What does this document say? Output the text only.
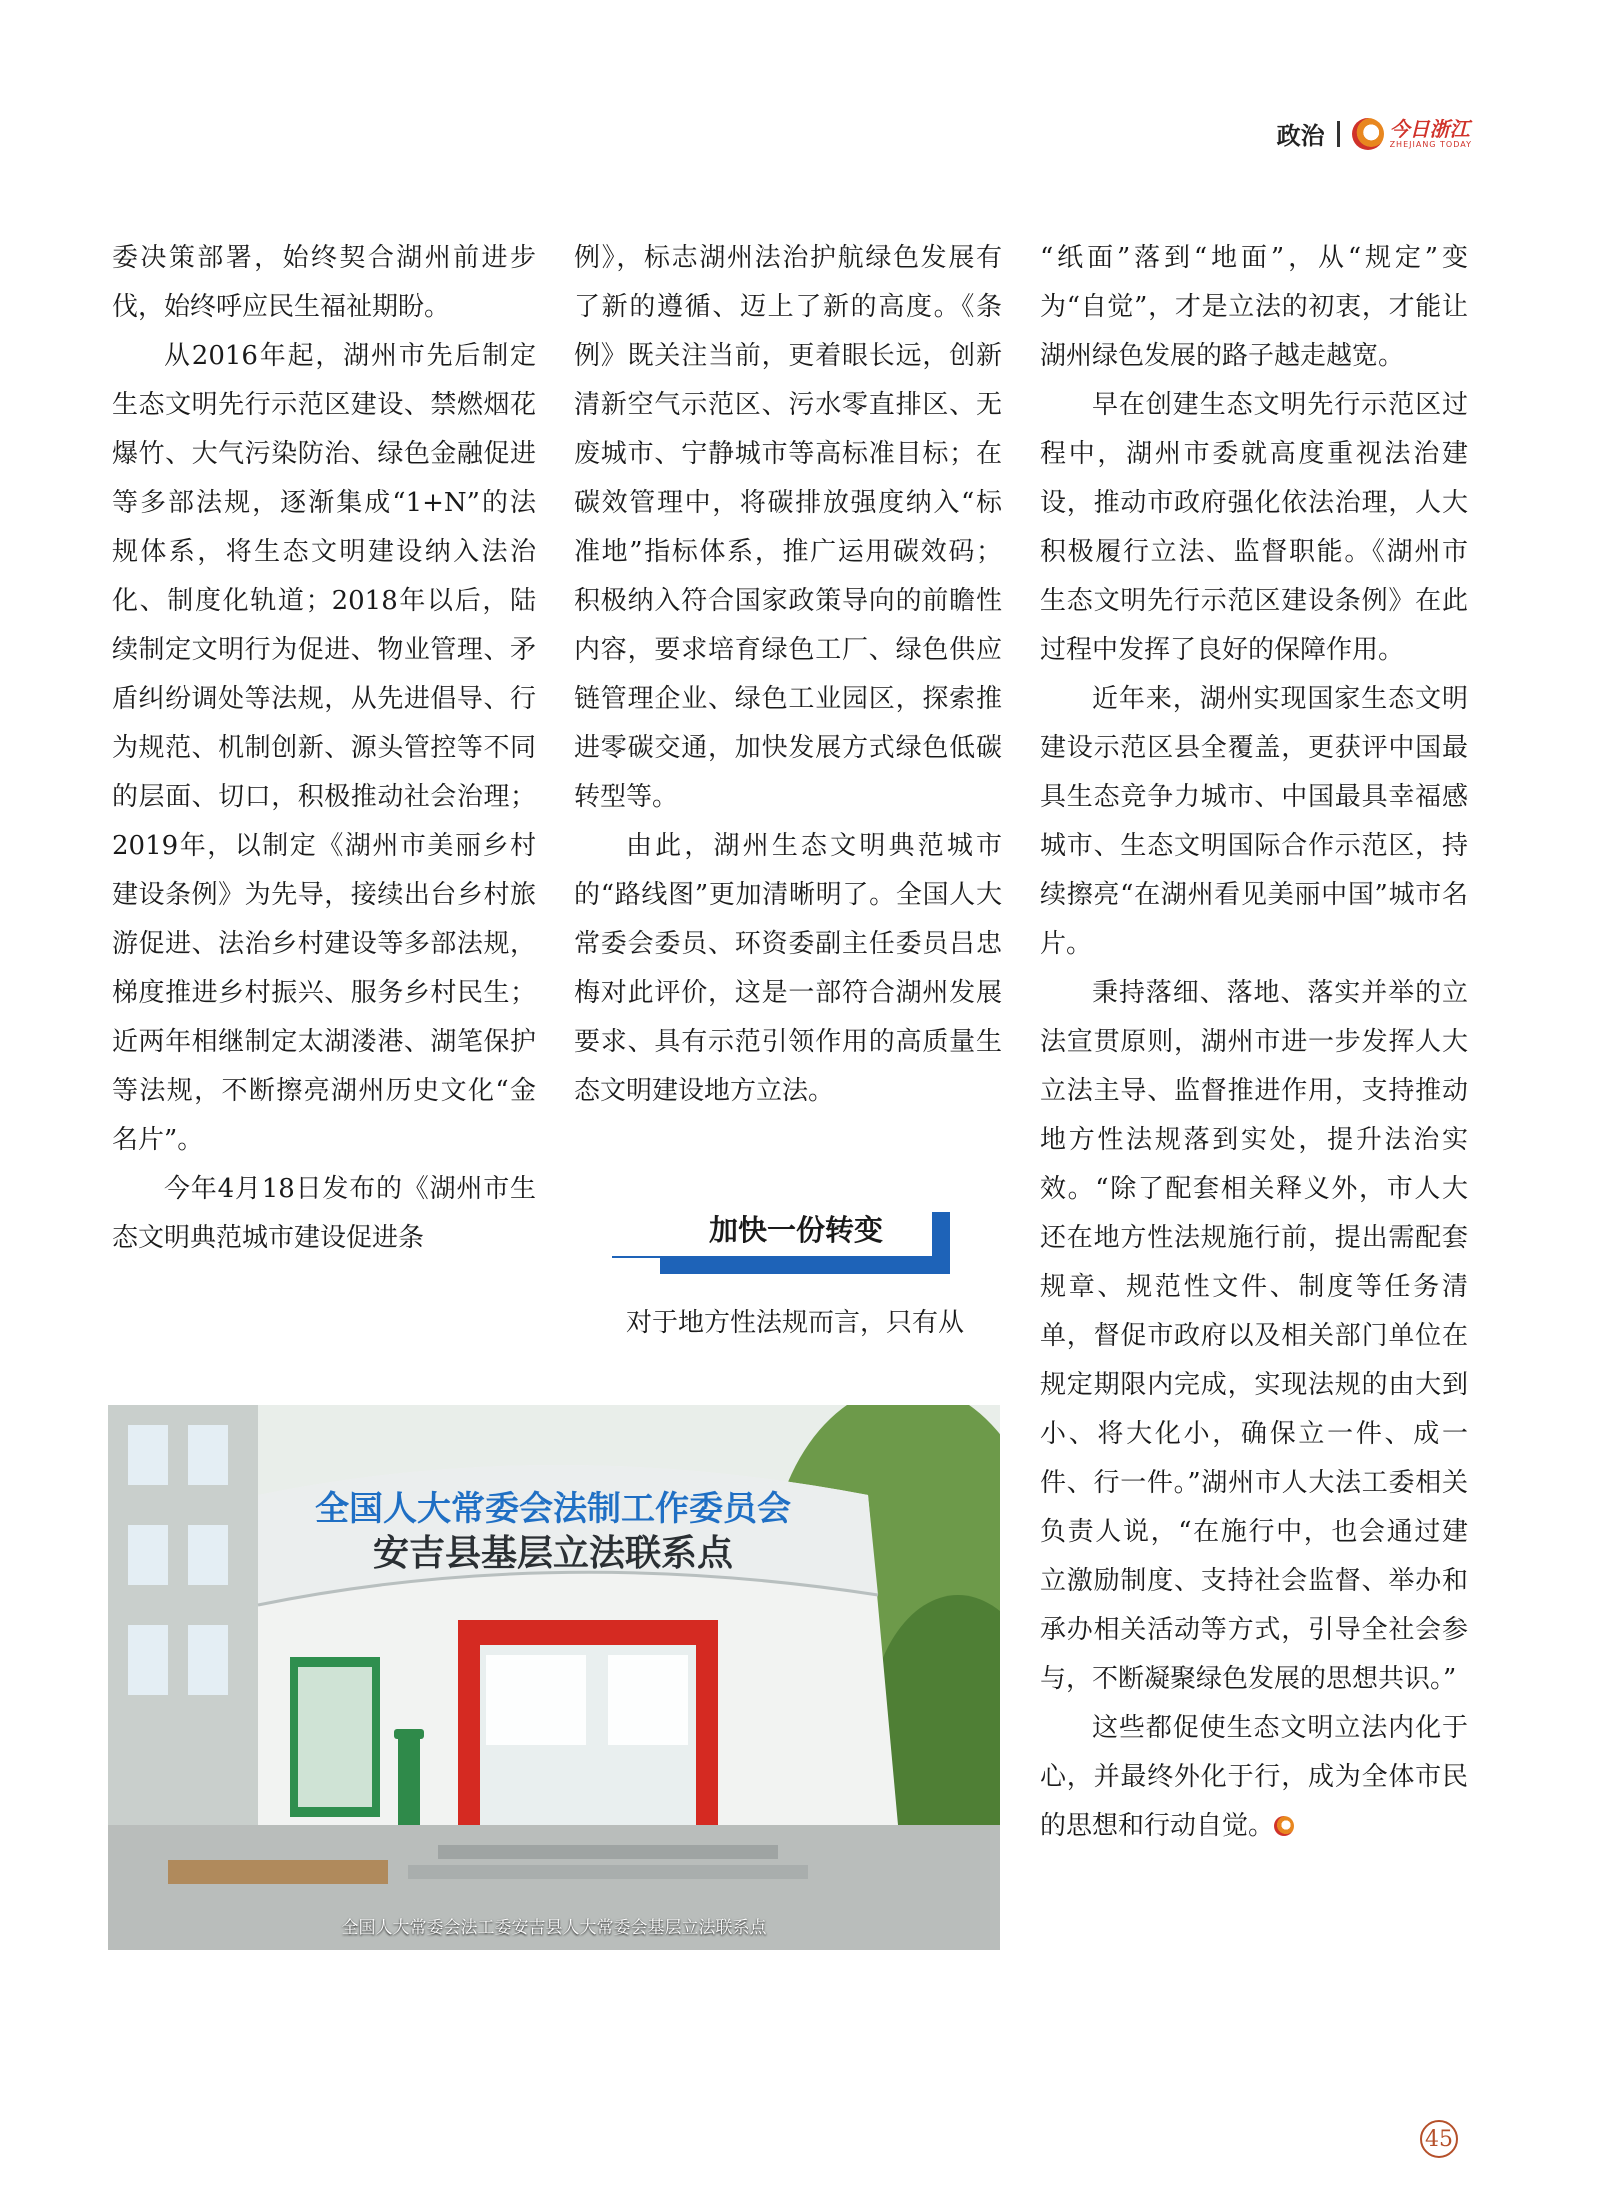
政治	今日浙江
ZHEJIANG TODAY

委决策部署，始终契合湖州前进步伐，始终呼应民生福祉期盼。

从2016年起，湖州市先后制定生态文明先行示范区建设、禁燃烟花爆竹、大气污染防治、绿色金融促进等多部法规，逐渐集成“1+N”的法规体系，将生态文明建设纳入法治化、制度化轨道；2018年以后，陆续制定文明行为促进、物业管理、矛盾纠纷调处等法规，从先进倡导、行为规范、机制创新、源头管控等不同的层面、切口，积极推动社会治理；2019年，以制定《湖州市美丽乡村建设条例》为先导，接续出台乡村旅游促进、法治乡村建设等多部法规，梯度推进乡村振兴、服务乡村民生；近两年相继制定太湖溇港、湖笔保护等法规，不断擦亮湖州历史文化“金名片”。

今年4月18日发布的《湖州市生态文明典范城市建设促进条

例》，标志湖州法治护航绿色发展有了新的遵循、迈上了新的高度。《条例》既关注当前，更着眼长远，创新清新空气示范区、污水零直排区、无废城市、宁静城市等高标准目标；在碳效管理中，将碳排放强度纳入“标准地”指标体系，推广运用碳效码；积极纳入符合国家政策导向的前瞻性内容，要求培育绿色工厂、绿色供应链管理企业、绿色工业园区，探索推进零碳交通，加快发展方式绿色低碳转型等。

由此，湖州生态文明典范城市的“路线图”更加清晰明了。全国人大常委会委员、环资委副主任委员吕忠梅对此评价，这是一部符合湖州发展要求、具有示范引领作用的高质量生态文明建设地方立法。

加快一份转变

对于地方性法规而言，只有从

“纸面”落到“地面”，从“规定”变为“自觉”，才是立法的初衷，才能让湖州绿色发展的路子越走越宽。

早在创建生态文明先行示范区过程中，湖州市委就高度重视法治建设，推动市政府强化依法治理，人大积极履行立法、监督职能。《湖州市生态文明先行示范区建设条例》在此过程中发挥了良好的保障作用。

近年来，湖州实现国家生态文明建设示范区县全覆盖，更获评中国最具生态竞争力城市、中国最具幸福感城市、生态文明国际合作示范区，持续擦亮“在湖州看见美丽中国”城市名片。

秉持落细、落地、落实并举的立法宣贯原则，湖州市进一步发挥人大立法主导、监督推进作用，支持推动地方性法规落到实处，提升法治实效。“除了配套相关释义外，市人大还在地方性法规施行前，提出需配套规章、规范性文件、制度等任务清单，督促市政府以及相关部门单位在规定期限内完成，实现法规的由大到小、将大化小，确保立一件、成一件、行一件。”湖州市人大法工委相关负责人说，“在施行中，也会通过建立激励制度、支持社会监督、举办和承办相关活动等方式，引导全社会参与，不断凝聚绿色发展的思想共识。”

这些都促使生态文明立法内化于心，并最终外化于行，成为全体市民的思想和行动自觉。

全国人大常委会法制工作委员会
安吉县基层立法联系点
全国人大常委会法工委安吉县人大常委会基层立法联系点
45
